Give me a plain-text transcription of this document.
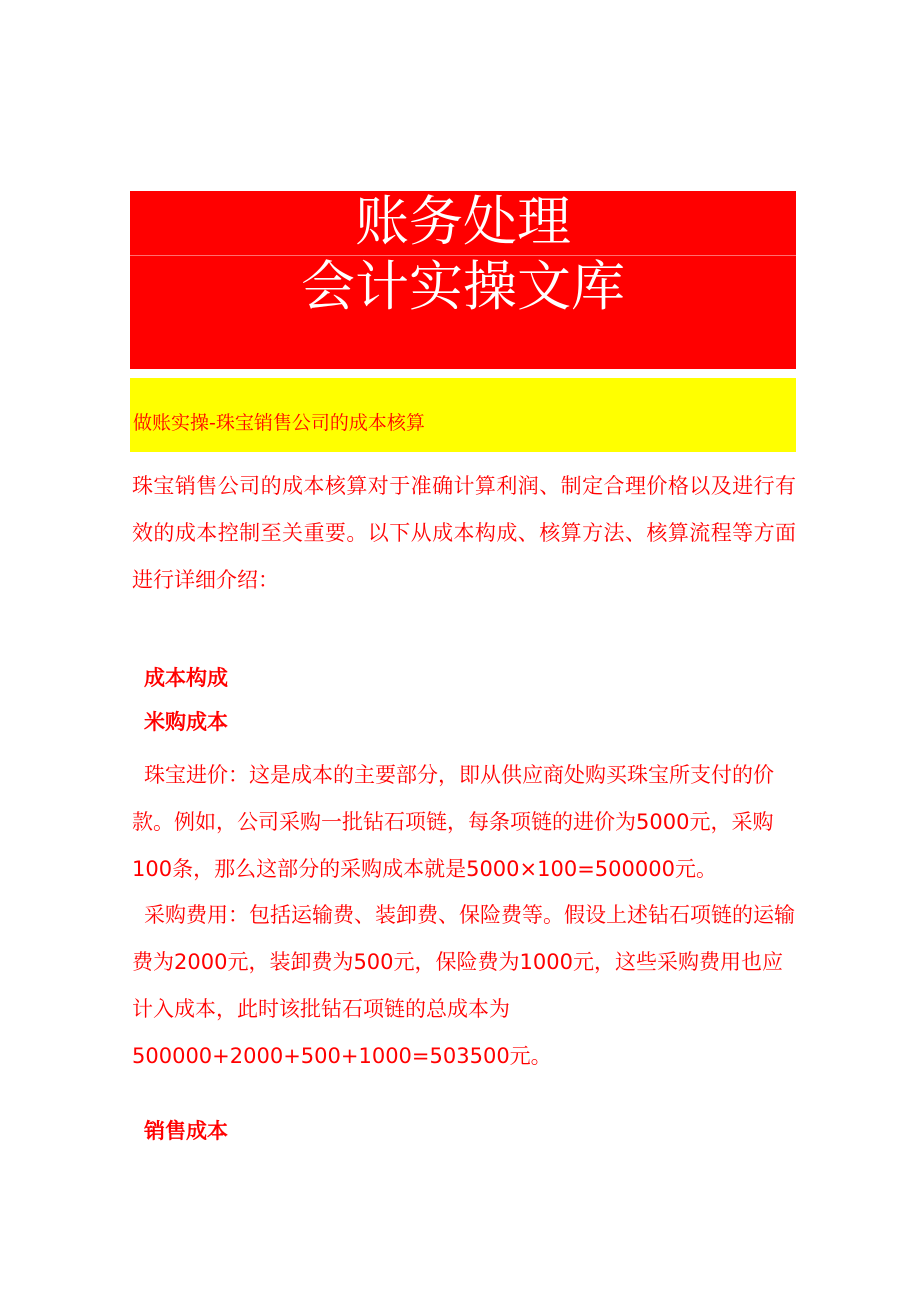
账务处理
会计实操文库
做账实操-珠宝销售公司的成本核算

珠宝销售公司的成本核算对于准确计算利润、制定合理价格以及进行有效的成本控制至关重要。以下从成本构成、核算方法、核算流程等方面进行详细介绍：

成本构成
米购成本

珠宝进价：这是成本的主要部分，即从供应商处购买珠宝所支付的价款。例如，公司采购一批钻石项链，每条项链的进价为5000元，采购100条，那么这部分的采购成本就是5000×100=500000元。

采购费用：包括运输费、装卸费、保险费等。假设上述钻石项链的运输费为2000元，装卸费为500元，保险费为1000元，这些采购费用也应计入成本，此时该批钻石项链的总成本为500000+2000+500+1000=503500元。

销售成本
